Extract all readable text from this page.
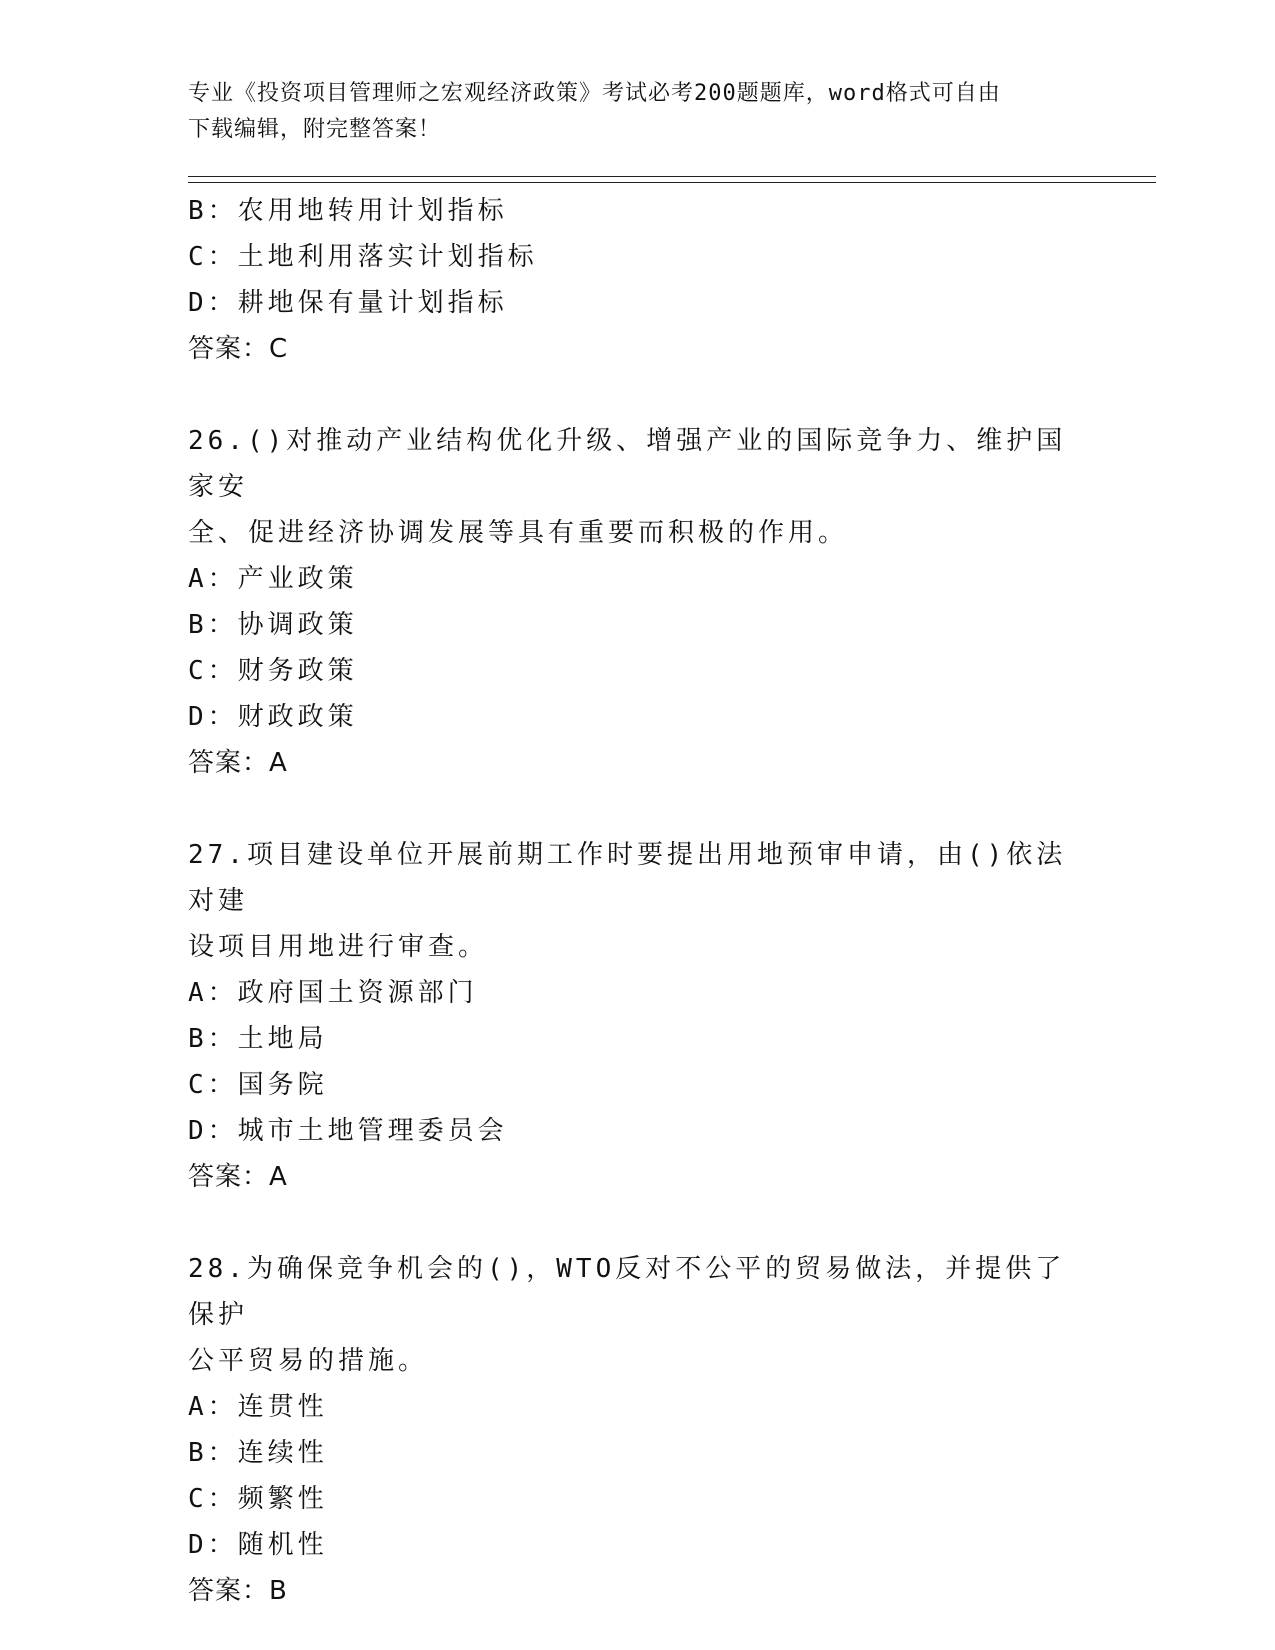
专业《投资项目管理师之宏观经济政策》考试必考200题题库，word格式可自由
下载编辑，附完整答案！

B：农用地转用计划指标

C：土地利用落实计划指标

D：耕地保有量计划指标

答案：C

26.()对推动产业结构优化升级、增强产业的国际竞争力、维护国家安

全、促进经济协调发展等具有重要而积极的作用。

A：产业政策

B：协调政策

C：财务政策

D：财政政策

答案：A

27.项目建设单位开展前期工作时要提出用地预审申请，由()依法对建

设项目用地进行审查。

A：政府国土资源部门

B：土地局

C：国务院

D：城市土地管理委员会

答案：A

28.为确保竞争机会的()，WTO反对不公平的贸易做法，并提供了保护

公平贸易的措施。

A：连贯性

B：连续性

C：频繁性

D：随机性

答案：B
